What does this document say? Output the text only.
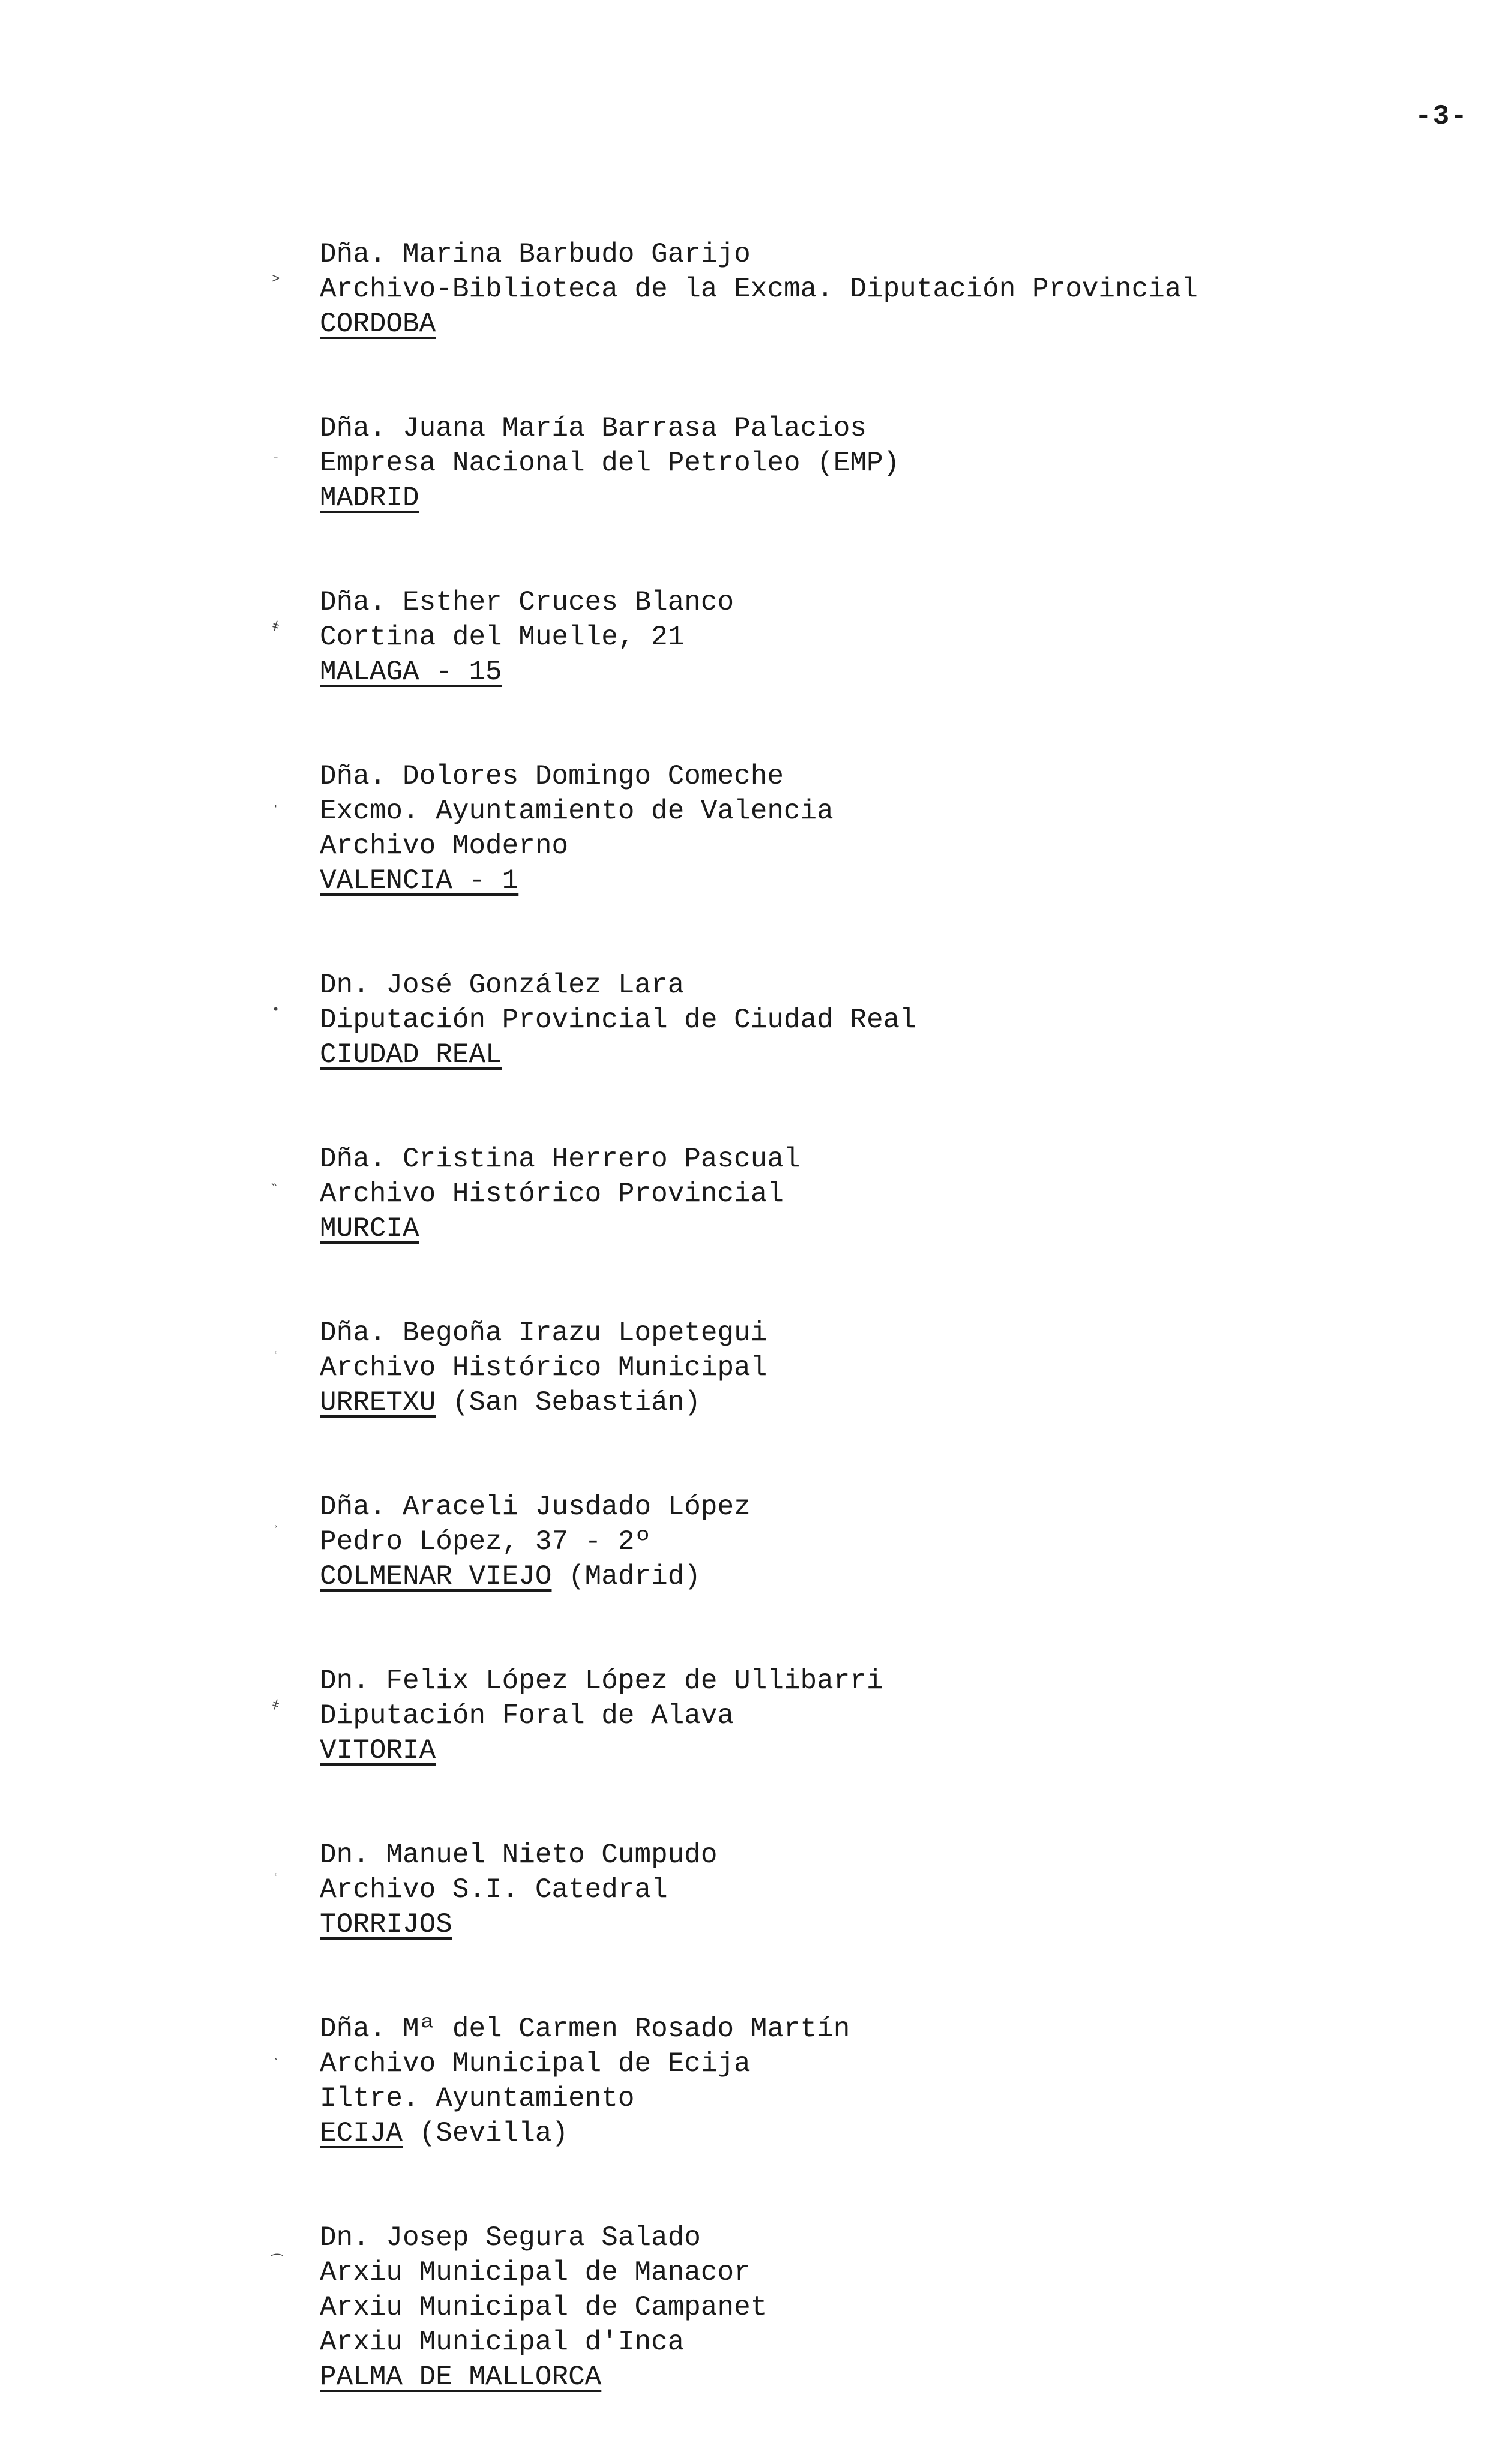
-3-
˃
Dña. Marina Barbudo Garijo
Archivo-Biblioteca de la Excma. Diputación Provincial
CORDOBA
ˍ
Dña. Juana María Barrasa Palacios
Empresa Nacional del Petroleo (EMP)
MADRID
҂
Dña. Esther Cruces Blanco
Cortina del Muelle, 21
MALAGA - 15
ˌ
Dña. Dolores Domingo Comeche
Excmo. Ayuntamiento de Valencia
Archivo Moderno
VALENCIA - 1
•
Dn. José González Lara
Diputación Provincial de Ciudad Real
CIUDAD REAL
˵
Dña. Cristina Herrero Pascual
Archivo Histórico Provincial
MURCIA
ʿ
Dña. Begoña Irazu Lopetegui
Archivo Histórico Municipal
URRETXU (San Sebastián)
ʾ
Dña. Araceli Jusdado López
Pedro López, 37 - 2º
COLMENAR VIEJO (Madrid)
҂
Dn. Felix López López de Ullibarri
Diputación Foral de Alava
VITORIA
ʿ
Dn. Manuel Nieto Cumpudo
Archivo S.I. Catedral
TORRIJOS
ˎ
Dña. Mª del Carmen Rosado Martín
Archivo Municipal de Ecija
Iltre. Ayuntamiento
ECIJA (Sevilla)
⁀
Dn. Josep Segura Salado
Arxiu Municipal de Manacor
Arxiu Municipal de Campanet
Arxiu Municipal d'Inca
PALMA DE MALLORCA
